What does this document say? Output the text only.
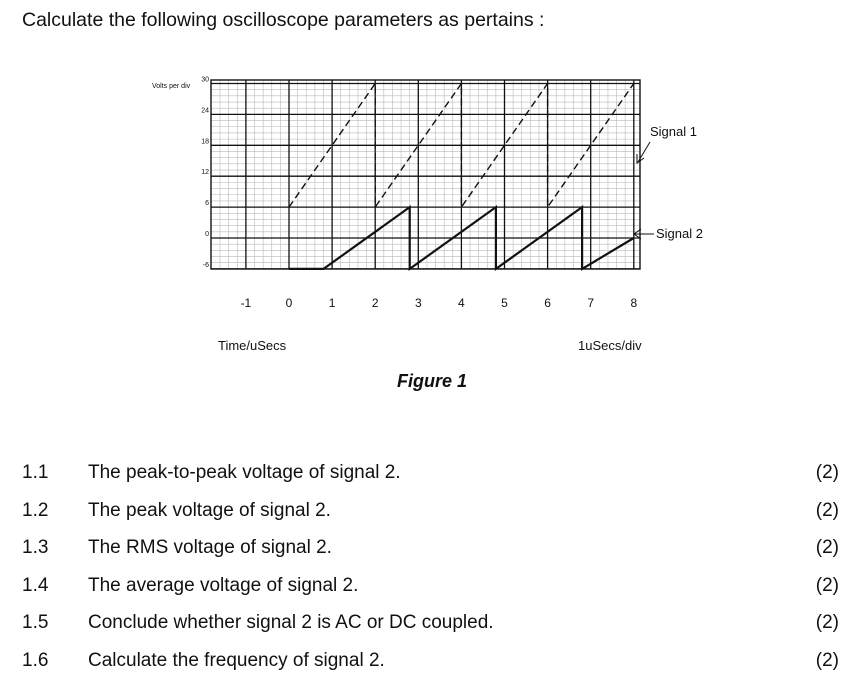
Calculate the following oscilloscope parameters as pertains :
-1	0	1	2	3	4	5	6	7	8
30
24
18
12
6
0
-6
Volts per div
Time/uSecs	1uSecs/div
Signal 1
Signal 2
Figure 1
1.1 The peak-to-peak voltage of signal 2.	(2)
1.2 The peak voltage of signal 2.	(2)
1.3 The RMS voltage of signal 2.	(2)
1.4 The average voltage of signal 2.	(2)
1.5 Conclude whether signal 2 is AC or DC coupled.	(2)
1.6 Calculate the frequency of signal 2.	(2)
